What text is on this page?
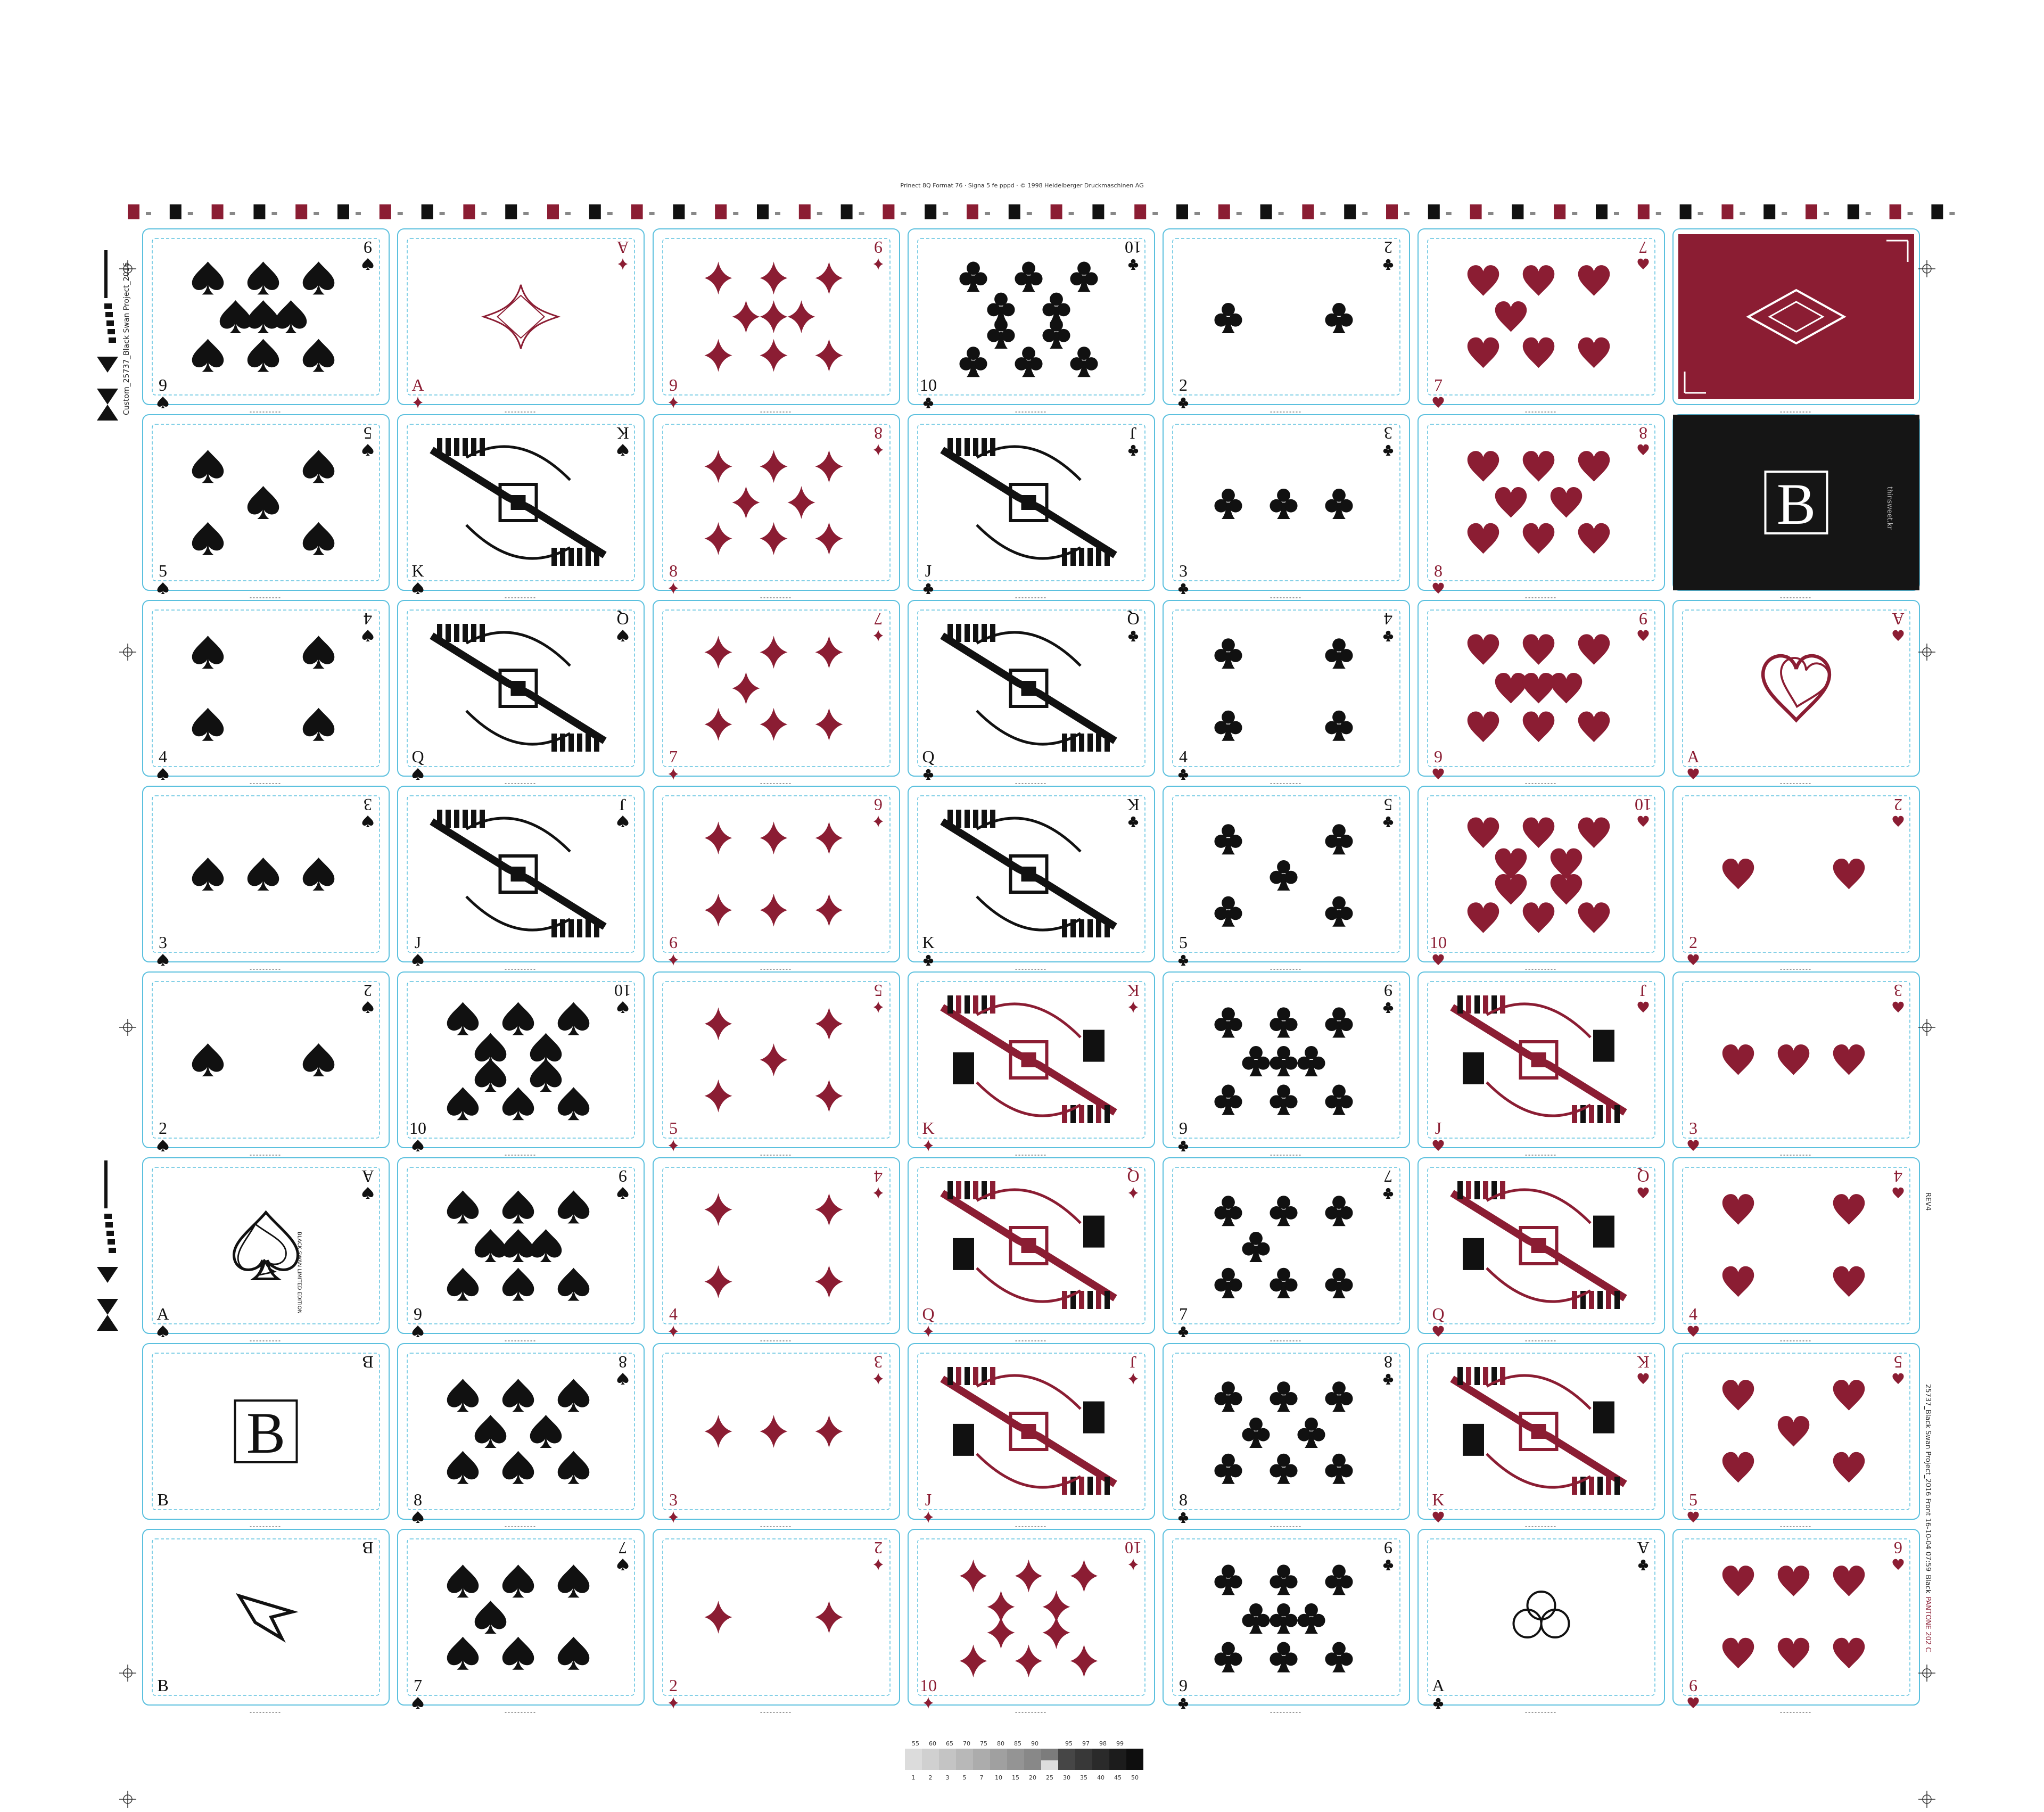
Prinect 8Q Format 76 · Signa 5 fe pppd · © 1998 Heidelberger Druckmaschinen AG
9
9
A
A
9
9
10
10
2
2
7
7
5
5
K
K
8
8
J
J
3
3
8
8
B	thinsweet.kr
4
4
Q
Q
7
7
Q
Q
4
4
9
9
A
A
3
3
J
J
6
6
K
K
5
5
10
10
2
2
2
2
10
10
5
5
K
K
9
9
J
J
3
3
A
A	BLACK SWAN LIMITED EDITION
9
9
4
4
Q
Q
7
7
Q
Q
4
4
B
B
B
8
8
3
3
J
J
8
8
K
K
5
5
B
B
7
7
2
2
10
10
9
9
A
A
6
6
Custom_25737_Black Swan Project_2016
REV4
25737_Black Swan Project_2016 Front 16-10-04 07:59BlackPANTONE 202 C
55 60 65 70 75 80 85 90	95 97 98 99
1 2 3 5 7 10 15 20 25 30 35 40 45 50
